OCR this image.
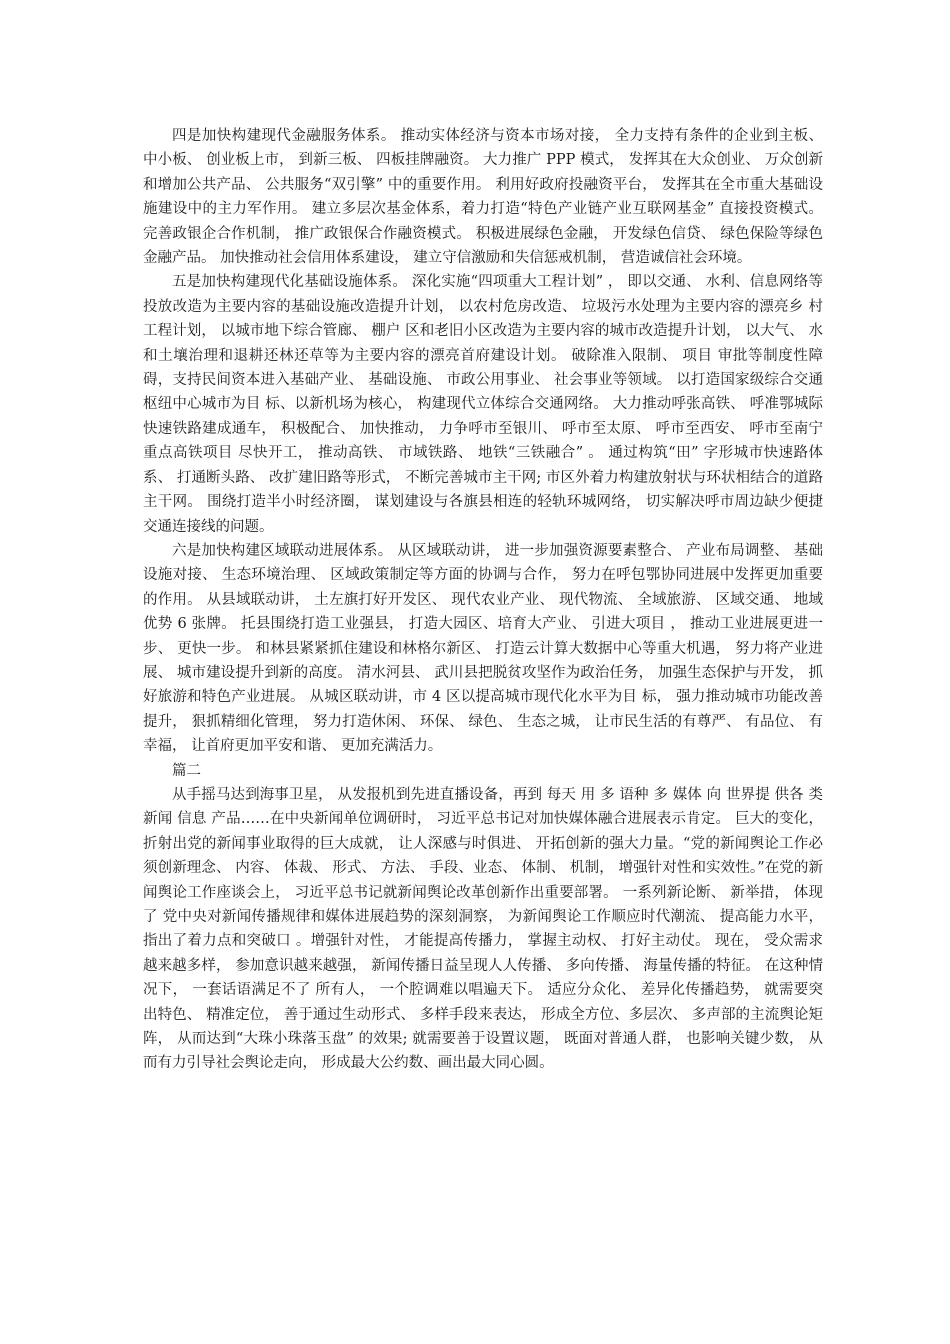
四是加快构建现代金融服务体系。 推动实体经济与资本市场对接， 全力支持有条件的企业到主板、 中小板、 创业板上市， 到新三板、 四板挂牌融资。 大力推广 PPP 模式， 发挥其在大众创业、 万众创新和增加公共产品、 公共服务“双引擎” 中的重要作用。 利用好政府投融资平台， 发挥其在全市重大基础设施建设中的主力军作用。 建立多层次基金体系，着力打造“特色产业链产业互联网基金” 直接投资模式。 完善政银企合作机制， 推广政银保合作融资模式。 积极进展绿色金融， 开发绿色信贷、 绿色保险等绿色金融产品。 加快推动社会信用体系建设， 建立守信激励和失信惩戒机制， 营造诚信社会环境。

五是加快构建现代化基础设施体系。 深化实施“四项重大工程计划” ， 即以交通、 水利、信息网络等投放改造为主要内容的基础设施改造提升计划， 以农村危房改造、 垃圾污水处理为主要内容的漂亮乡 村工程计划， 以城市地下综合管廊、 棚户 区和老旧小区改造为主要内容的城市改造提升计划， 以大气、 水和土壤治理和退耕还林还草等为主要内容的漂亮首府建设计划。 破除准入限制、 项目 审批等制度性障碍，支持民间资本进入基础产业、 基础设施、 市政公用事业、 社会事业等领域。 以打造国家级综合交通枢纽中心城市为目 标、以新机场为核心， 构建现代立体综合交通网络。 大力推动呼张高铁、 呼准鄂城际快速铁路建成通车， 积极配合、 加快推动， 力争呼市至银川、 呼市至太原、 呼市至西安、 呼市至南宁重点高铁项目 尽快开工， 推动高铁、 市域铁路、 地铁“三铁融合” 。 通过构筑“田” 字形城市快速路体系、 打通断头路、 改扩建旧路等形式， 不断完善城市主干网; 市区外着力构建放射状与环状相结合的道路主干网。 围绕打造半小时经济圈， 谋划建设与各旗县相连的轻轨环城网络， 切实解决呼市周边缺少便捷交通连接线的问题。

六是加快构建区域联动进展体系。 从区域联动讲， 进一步加强资源要素整合、 产业布局调整、 基础设施对接、 生态环境治理、 区域政策制定等方面的协调与合作， 努力在呼包鄂协同进展中发挥更加重要的作用。 从县域联动讲， 土左旗打好开发区、 现代农业产业、 现代物流、 全域旅游、 区域交通、 地域优势 6 张牌。 托县围绕打造工业强县， 打造大园区、培育大产业、 引进大项目 ， 推动工业进展更进一步、 更快一步。 和林县紧紧抓住建设和林格尔新区、 打造云计算大数据中心等重大机遇， 努力将产业进展、 城市建设提升到新的高度。 清水河县、 武川县把脱贫攻坚作为政治任务， 加强生态保护与开发， 抓好旅游和特色产业进展。 从城区联动讲，市 4 区以提高城市现代化水平为目 标， 强力推动城市功能改善提升， 狠抓精细化管理， 努力打造休闲、 环保、 绿色、 生态之城， 让市民生活的有尊严、 有品位、 有幸福， 让首府更加平安和谐、 更加充满活力。

篇二

从手摇马达到海事卫星， 从发报机到先进直播设备，再到 每天 用 多 语种 多 媒体 向 世界提 供各 类 新闻 信息 产品……在中央新闻单位调研时， 习近平总书记对加快媒体融合进展表示肯定。 巨大的变化， 折射出党的新闻事业取得的巨大成就， 让人深感与时俱进、 开拓创新的强大力量。“党的新闻舆论工作必须创新理念、 内容、 体裁、 形式、 方法、 手段、业态、 体制、 机制， 增强针对性和实效性。”在党的新闻舆论工作座谈会上， 习近平总书记就新闻舆论改革创新作出重要部署。 一系列新论断、 新举措， 体现了 党中央对新闻传播规律和媒体进展趋势的深刻洞察， 为新闻舆论工作顺应时代潮流、 提高能力水平， 指出了着力点和突破口 。增强针对性， 才能提高传播力， 掌握主动权、 打好主动仗。 现在， 受众需求越来越多样， 参加意识越来越强， 新闻传播日益呈现人人传播、 多向传播、 海量传播的特征。 在这种情况下， 一套话语满足不了 所有人， 一个腔调难以唱遍天下。 适应分众化、 差异化传播趋势， 就需要突出特色、 精准定位， 善于通过生动形式、 多样手段来表达， 形成全方位、多层次、 多声部的主流舆论矩阵， 从而达到“大珠小珠落玉盘” 的效果; 就需要善于设置议题， 既面对普通人群， 也影响关键少数， 从而有力引导社会舆论走向， 形成最大公约数、画出最大同心圆。
